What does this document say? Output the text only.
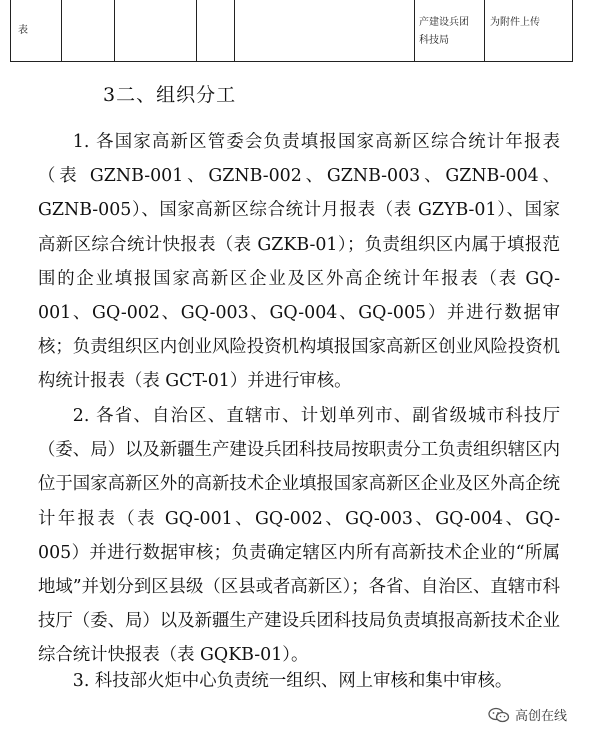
表
产建设兵团
科技局
为附件上传
3二、组织分工

1. 各国家高新区管委会负责填报国家高新区综合统计年报表（表 GZNB-001、GZNB-002、GZNB-003、GZNB-004、GZNB-005）、国家高新区综合统计月报表（表 GZYB-01）、国家高新区综合统计快报表（表 GZKB-01）；负责组织区内属于填报范围的企业填报国家高新区企业及区外高企统计年报表（表 GQ-001、GQ-002、GQ-003、GQ-004、GQ-005）并进行数据审核；负责组织区内创业风险投资机构填报国家高新区创业风险投资机构统计报表（表 GCT-01）并进行审核。

2. 各省、自治区、直辖市、计划单列市、副省级城市科技厅（委、局）以及新疆生产建设兵团科技局按职责分工负责组织辖区内位于国家高新区外的高新技术企业填报国家高新区企业及区外高企统计年报表（表 GQ-001、GQ-002、GQ-003、GQ-004、GQ-005）并进行数据审核；负责确定辖区内所有高新技术企业的“所属地域”并划分到区县级（区县或者高新区）；各省、自治区、直辖市科技厅（委、局）以及新疆生产建设兵团科技局负责填报高新技术企业综合统计快报表（表 GQKB-01）。

3. 科技部火炬中心负责统一组织、网上审核和集中审核。

高创在线
